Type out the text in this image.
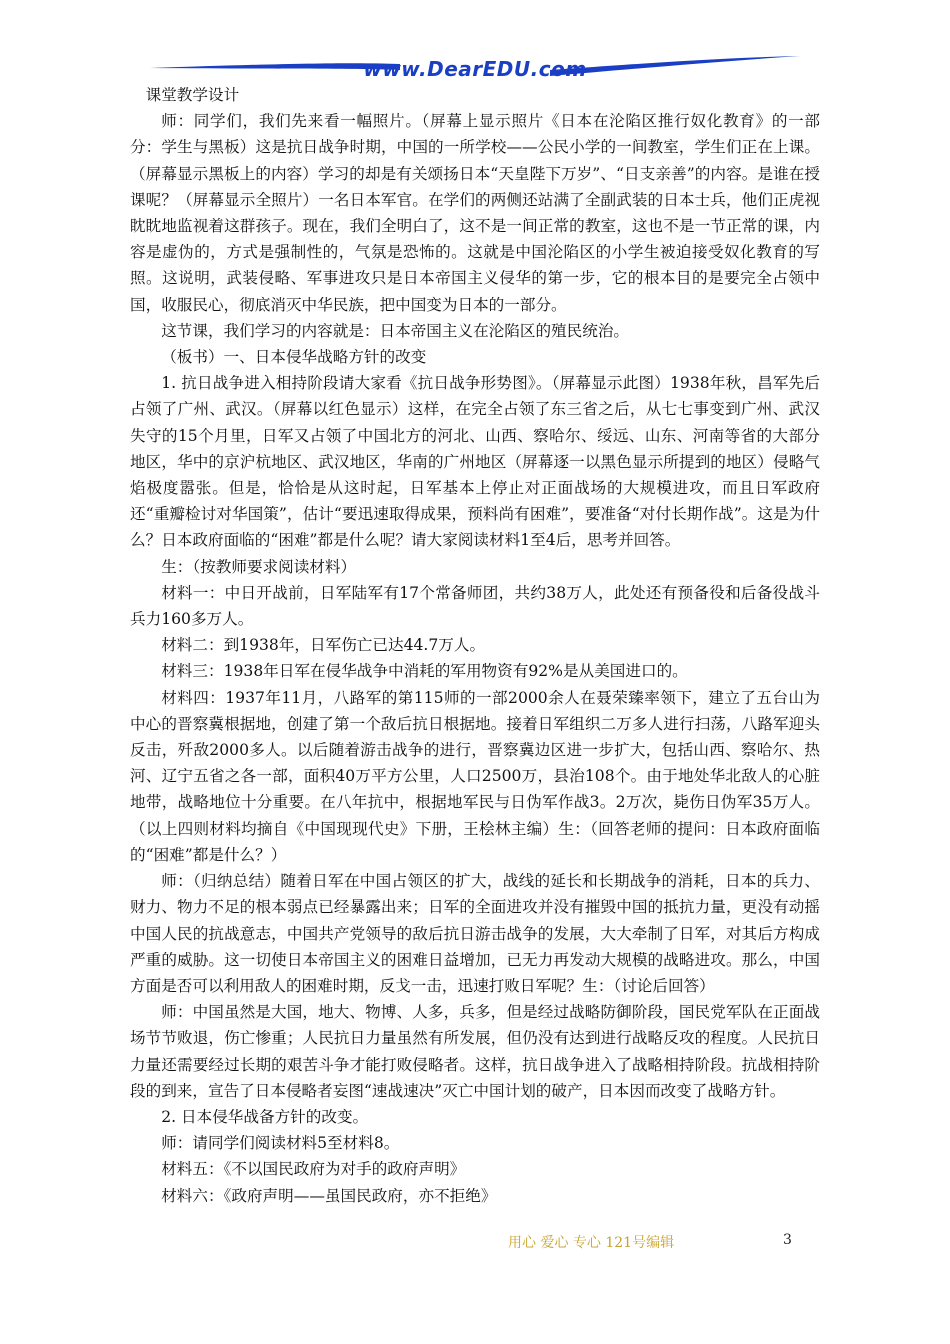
www.DearEDU.com

课堂教学设计

师：同学们，我们先来看一幅照片。（屏幕上显示照片《日本在沦陷区推行奴化教育》的一部分：学生与黑板）这是抗日战争时期，中国的一所学校——公民小学的一间教室，学生们正在上课。（屏幕显示黑板上的内容）学习的却是有关颂扬日本“天皇陛下万岁”、“日支亲善”的内容。是谁在授课呢？（屏幕显示全照片）一名日本军官。在学们的两侧还站满了全副武装的日本士兵，他们正虎视眈眈地监视着这群孩子。现在，我们全明白了，这不是一间正常的教室，这也不是一节正常的课，内容是虚伪的，方式是强制性的，气氛是恐怖的。这就是中国沦陷区的小学生被迫接受奴化教育的写照。这说明，武装侵略、军事进攻只是日本帝国主义侵华的第一步，它的根本目的是要完全占领中国，收服民心，彻底消灭中华民族，把中国变为日本的一部分。

这节课，我们学习的内容就是：日本帝国主义在沦陷区的殖民统治。

（板书）一、日本侵华战略方针的改变

1. 抗日战争进入相持阶段请大家看《抗日战争形势图》。（屏幕显示此图）1938年秋，昌军先后占领了广州、武汉。（屏幕以红色显示）这样，在完全占领了东三省之后，从七七事变到广州、武汉失守的15个月里，日军又占领了中国北方的河北、山西、察哈尔、绥远、山东、河南等省的大部分地区，华中的京沪杭地区、武汉地区，华南的广州地区（屏幕逐一以黑色显示所提到的地区）侵略气焰极度嚣张。但是，恰恰是从这时起，日军基本上停止对正面战场的大规模进攻，而且日军政府还“重瓣检讨对华国策”，估计“要迅速取得成果，预料尚有困难”，要准备“对付长期作战”。这是为什么？日本政府面临的“困难”都是什么呢？请大家阅读材料1至4后，思考并回答。

生：（按教师要求阅读材料）

材料一：中日开战前，日军陆军有17个常备师团，共约38万人，此处还有预备役和后备役战斗兵力160多万人。

材料二：到1938年，日军伤亡已达44.7万人。

材料三：1938年日军在侵华战争中消耗的军用物资有92%是从美国进口的。

材料四：1937年11月，八路军的第115师的一部2000余人在聂荣臻率领下，建立了五台山为中心的晋察冀根据地，创建了第一个敌后抗日根据地。接着日军组织二万多人进行扫荡，八路军迎头反击，歼敌2000多人。以后随着游击战争的进行，晋察冀边区进一步扩大，包括山西、察哈尔、热河、辽宁五省之各一部，面积40万平方公里，人口2500万，县治108个。由于地处华北敌人的心脏地带，战略地位十分重要。在八年抗中，根据地军民与日伪军作战3。2万次，毙伤日伪军35万人。（以上四则材料均摘自《中国现现代史》下册，王桧林主编）生：（回答老师的提问：日本政府面临的“困难”都是什么？）

师：（归纳总结）随着日军在中国占领区的扩大，战线的延长和长期战争的消耗，日本的兵力、财力、物力不足的根本弱点已经暴露出来；日军的全面进攻并没有摧毁中国的抵抗力量，更没有动摇中国人民的抗战意志，中国共产党领导的敌后抗日游击战争的发展，大大牵制了日军，对其后方构成严重的威胁。这一切使日本帝国主义的困难日益增加，已无力再发动大规模的战略进攻。那么，中国方面是否可以利用敌人的困难时期，反戈一击，迅速打败日军呢？生：（讨论后回答）

师：中国虽然是大国，地大、物博、人多，兵多，但是经过战略防御阶段，国民党军队在正面战场节节败退，伤亡惨重；人民抗日力量虽然有所发展，但仍没有达到进行战略反攻的程度。人民抗日力量还需要经过长期的艰苦斗争才能打败侵略者。这样，抗日战争进入了战略相持阶段。抗战相持阶段的到来，宣告了日本侵略者妄图“速战速决”灭亡中国计划的破产，日本因而改变了战略方针。

2. 日本侵华战备方针的改变。

师：请同学们阅读材料5至材料8。

材料五：《不以国民政府为对手的政府声明》

材料六：《政府声明——虽国民政府，亦不拒绝》

用心 爱心 专心 121号编辑	3
